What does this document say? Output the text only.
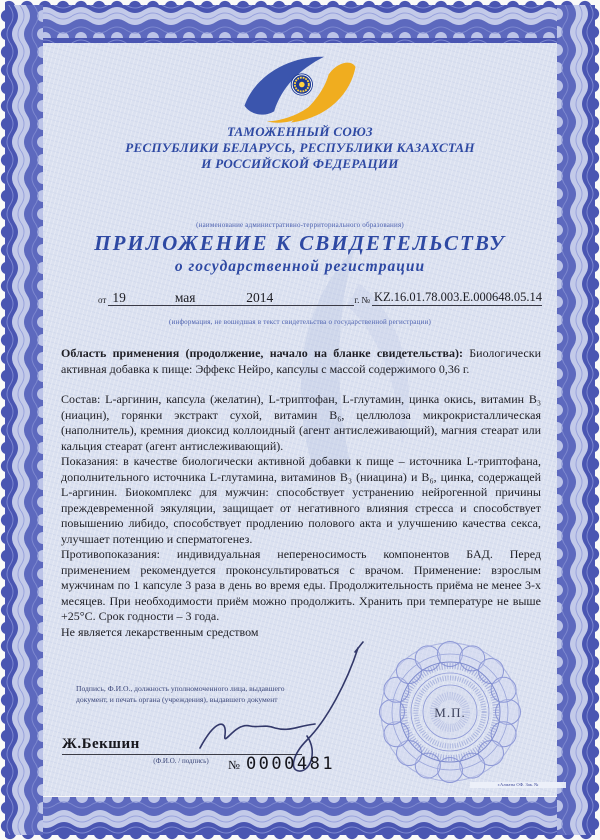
ТАМОЖЕННЫЙ СОЮЗ
РЕСПУБЛИКИ БЕЛАРУСЬ, РЕСПУБЛИКИ КАЗАХСТАН
И РОССИЙСКОЙ ФЕДЕРАЦИИ
(наименование административно-территориального образования)
ПРИЛОЖЕНИЕ К СВИДЕТЕЛЬСТВУ
о государственной регистрации
от 19	мая	2014	г. № KZ.16.01.78.003.Е.000648.05.14
(информация, не вошедшая в текст свидетельства о государственной регистрации)

Область применения (продолжение, начало на бланке свидетельства): Биологически активная добавка к пище: Эффекс Нейро, капсулы с массой содержимого 0,36 г.

Состав: L-аргинин, капсула (желатин), L-триптофан, L-глутамин, цинка окись, витамин В₃ (ниацин), горянки экстракт сухой, витамин В₆, целлюлоза микрокристаллическая (наполнитель), кремния диоксид коллоидный (агент антислеживающий), магния стеарат или кальция стеарат (агент антислеживающий).

Показания: в качестве биологически активной добавки к пище – источника L-триптофана, дополнительного источника L-глутамина, витаминов В₃ (ниацина) и В₆, цинка, содержащей L-аргинин. Биокомплекс для мужчин: способствует устранению нейрогенной причины преждевременной эякуляции, защищает от негативного влияния стресса и способствует повышению либидо, способствует продлению полового акта и улучшению качества секса, улучшает потенцию и сперматогенез.

Противопоказания: индивидуальная непереносимость компонентов БАД. Перед применением рекомендуется проконсультироваться с врачом. Применение: взрослым мужчинам по 1 капсуле 3 раза в день во время еды. Продолжительность приёма не менее 3-х месяцев. При необходимости приём можно продолжить. Хранить при температуре не выше +25°С. Срок годности – 3 года.

Не является лекарственным средством

М.П.
Подпись, Ф.И.О., должность уполномоченного лица, выдавшего документ, и печать органа (учреждения), выдавшего документ
Ж.Бекшин
(Ф.И.О. / подпись)	№ 0000481
г.Алматы ОФ. Зак. №
